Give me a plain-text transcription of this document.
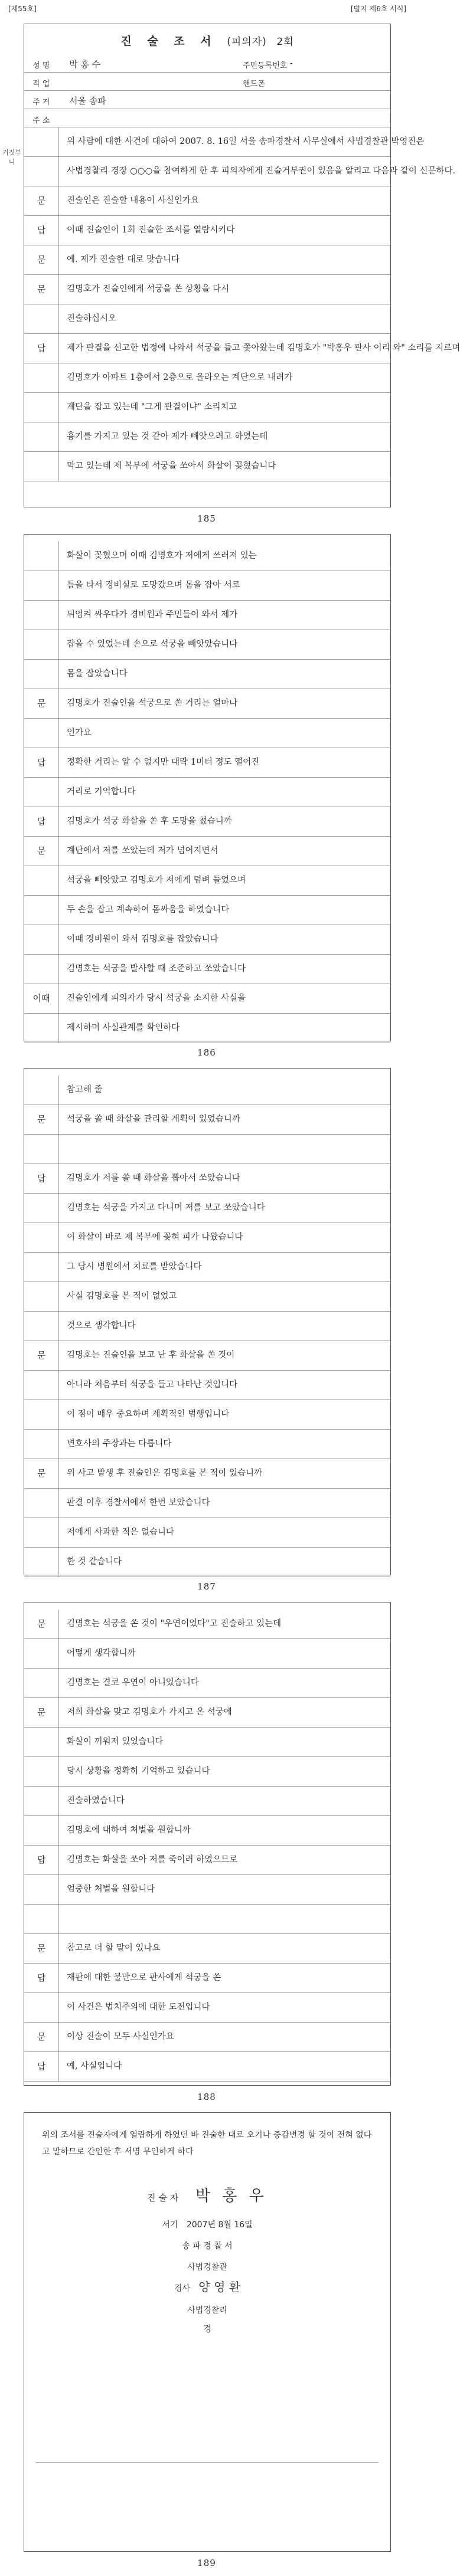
[제55호]	[별지 제6호 서식]
진 술 조 서 (피의자) 2회
성 명	박 홍 수	주민등록번호 -
직 업	핸드폰
주 거	서울 송파
주 소
위 사람에 대한 사건에 대하여 2007. 8. 16일 서울 송파경찰서 사무실에서 사법경찰관 박영진은
사법경찰리 경장 ○○○을 참여하게 한 후 피의자에게 진술거부권이 있음을 알리고 다음과 같이 신문하다.
문	진술인은 진술할 내용이 사실인가요
답	이때 진술인이 1회 진술한 조서를 열람시키다
문	예. 제가 진술한 대로 맞습니다
문	김명호가 진술인에게 석궁을 쏜 상황을 다시
진술하십시오
답	제가 판결을 선고한 법정에 나와서 석궁을 들고 쫓아왔는데 김명호가 "박홍우 판사 이리 와" 소리를 지르며
김명호가 아파트 1층에서 2층으로 올라오는 계단으로 내려가
계단을 잡고 있는데 "그게 판결이냐" 소리치고
흉기를 가지고 있는 것 같아 제가 빼앗으려고 하였는데
막고 있는데 제 복부에 석궁을 쏘아서 화살이 꽂혔습니다
거짓부니
185
화살이 꽂혔으며 이때 김명호가 저에게 쓰러져 있는
틈을 타서 경비실로 도망갔으며 몸을 잡아 서로
뒤엉켜 싸우다가 경비원과 주민들이 와서 제가
잡을 수 있었는데 손으로 석궁을 빼앗았습니다
몸을 잡았습니다
문	김명호가 진술인을 석궁으로 쏜 거리는 얼마나
인가요
답	정확한 거리는 알 수 없지만 대략 1미터 정도 떨어진
거리로 기억합니다
답	김명호가 석궁 화살을 쏜 후 도망을 쳤습니까
문	계단에서 저를 쏘았는데 저가 넘어지면서
석궁을 빼앗았고 김명호가 저에게 덤벼 들었으며
두 손을 잡고 계속하여 몸싸움을 하였습니다
이때 경비원이 와서 김명호를 잡았습니다
김명호는 석궁을 발사할 때 조준하고 쏘았습니다
이때	진술인에게 피의자가 당시 석궁을 소지한 사실을
제시하며 사실관계를 확인하다
186
참고해 줄
문	석궁을 쏠 때 화살을 관리할 계획이 있었습니까
답	김명호가 저를 쏠 때 화살을 뽑아서 쏘았습니다
김명호는 석궁을 가지고 다니며 저를 보고 쏘았습니다
이 화살이 바로 제 복부에 꽂혀 피가 나왔습니다
그 당시 병원에서 치료를 받았습니다
사실 김명호를 본 적이 없었고
것으로 생각합니다
문	김명호는 진술인을 보고 난 후 화살을 쏜 것이
아니라 처음부터 석궁을 들고 나타난 것입니다
이 점이 매우 중요하며 계획적인 범행입니다
변호사의 주장과는 다릅니다
문	위 사고 발생 후 진술인은 김명호를 본 적이 있습니까
판결 이후 경찰서에서 한번 보았습니다
저에게 사과한 적은 없습니다
한 것 같습니다
187
문	김명호는 석궁을 쏜 것이 "우연이었다"고 진술하고 있는데
어떻게 생각합니까
김명호는 결코 우연이 아니었습니다
문	저희 화살을 맞고 김명호가 가지고 온 석궁에
화살이 끼워져 있었습니다
당시 상황을 정확히 기억하고 있습니다
진술하였습니다
김명호에 대하여 처벌을 원합니까
답	김명호는 화살을 쏘아 저를 죽이려 하였으므로
엄중한 처벌을 원합니다
문	참고로 더 할 말이 있나요
답	재판에 대한 불만으로 판사에게 석궁을 쏜
이 사건은 법치주의에 대한 도전입니다
문	이상 진술이 모두 사실인가요
답	예, 사실입니다
188
위의 조서를 진술자에게 열람하게 하였던 바 진술한 대로 오기나 증감변경 할 것이 전혀 없다고 말하므로 간인한 후 서명 무인하게 하다
진 술 자 박 홍 우
서기 2007년 8월 16일
송 파 경 찰 서
사법경찰관
경사 양 영 환
사법경찰리
경
189
